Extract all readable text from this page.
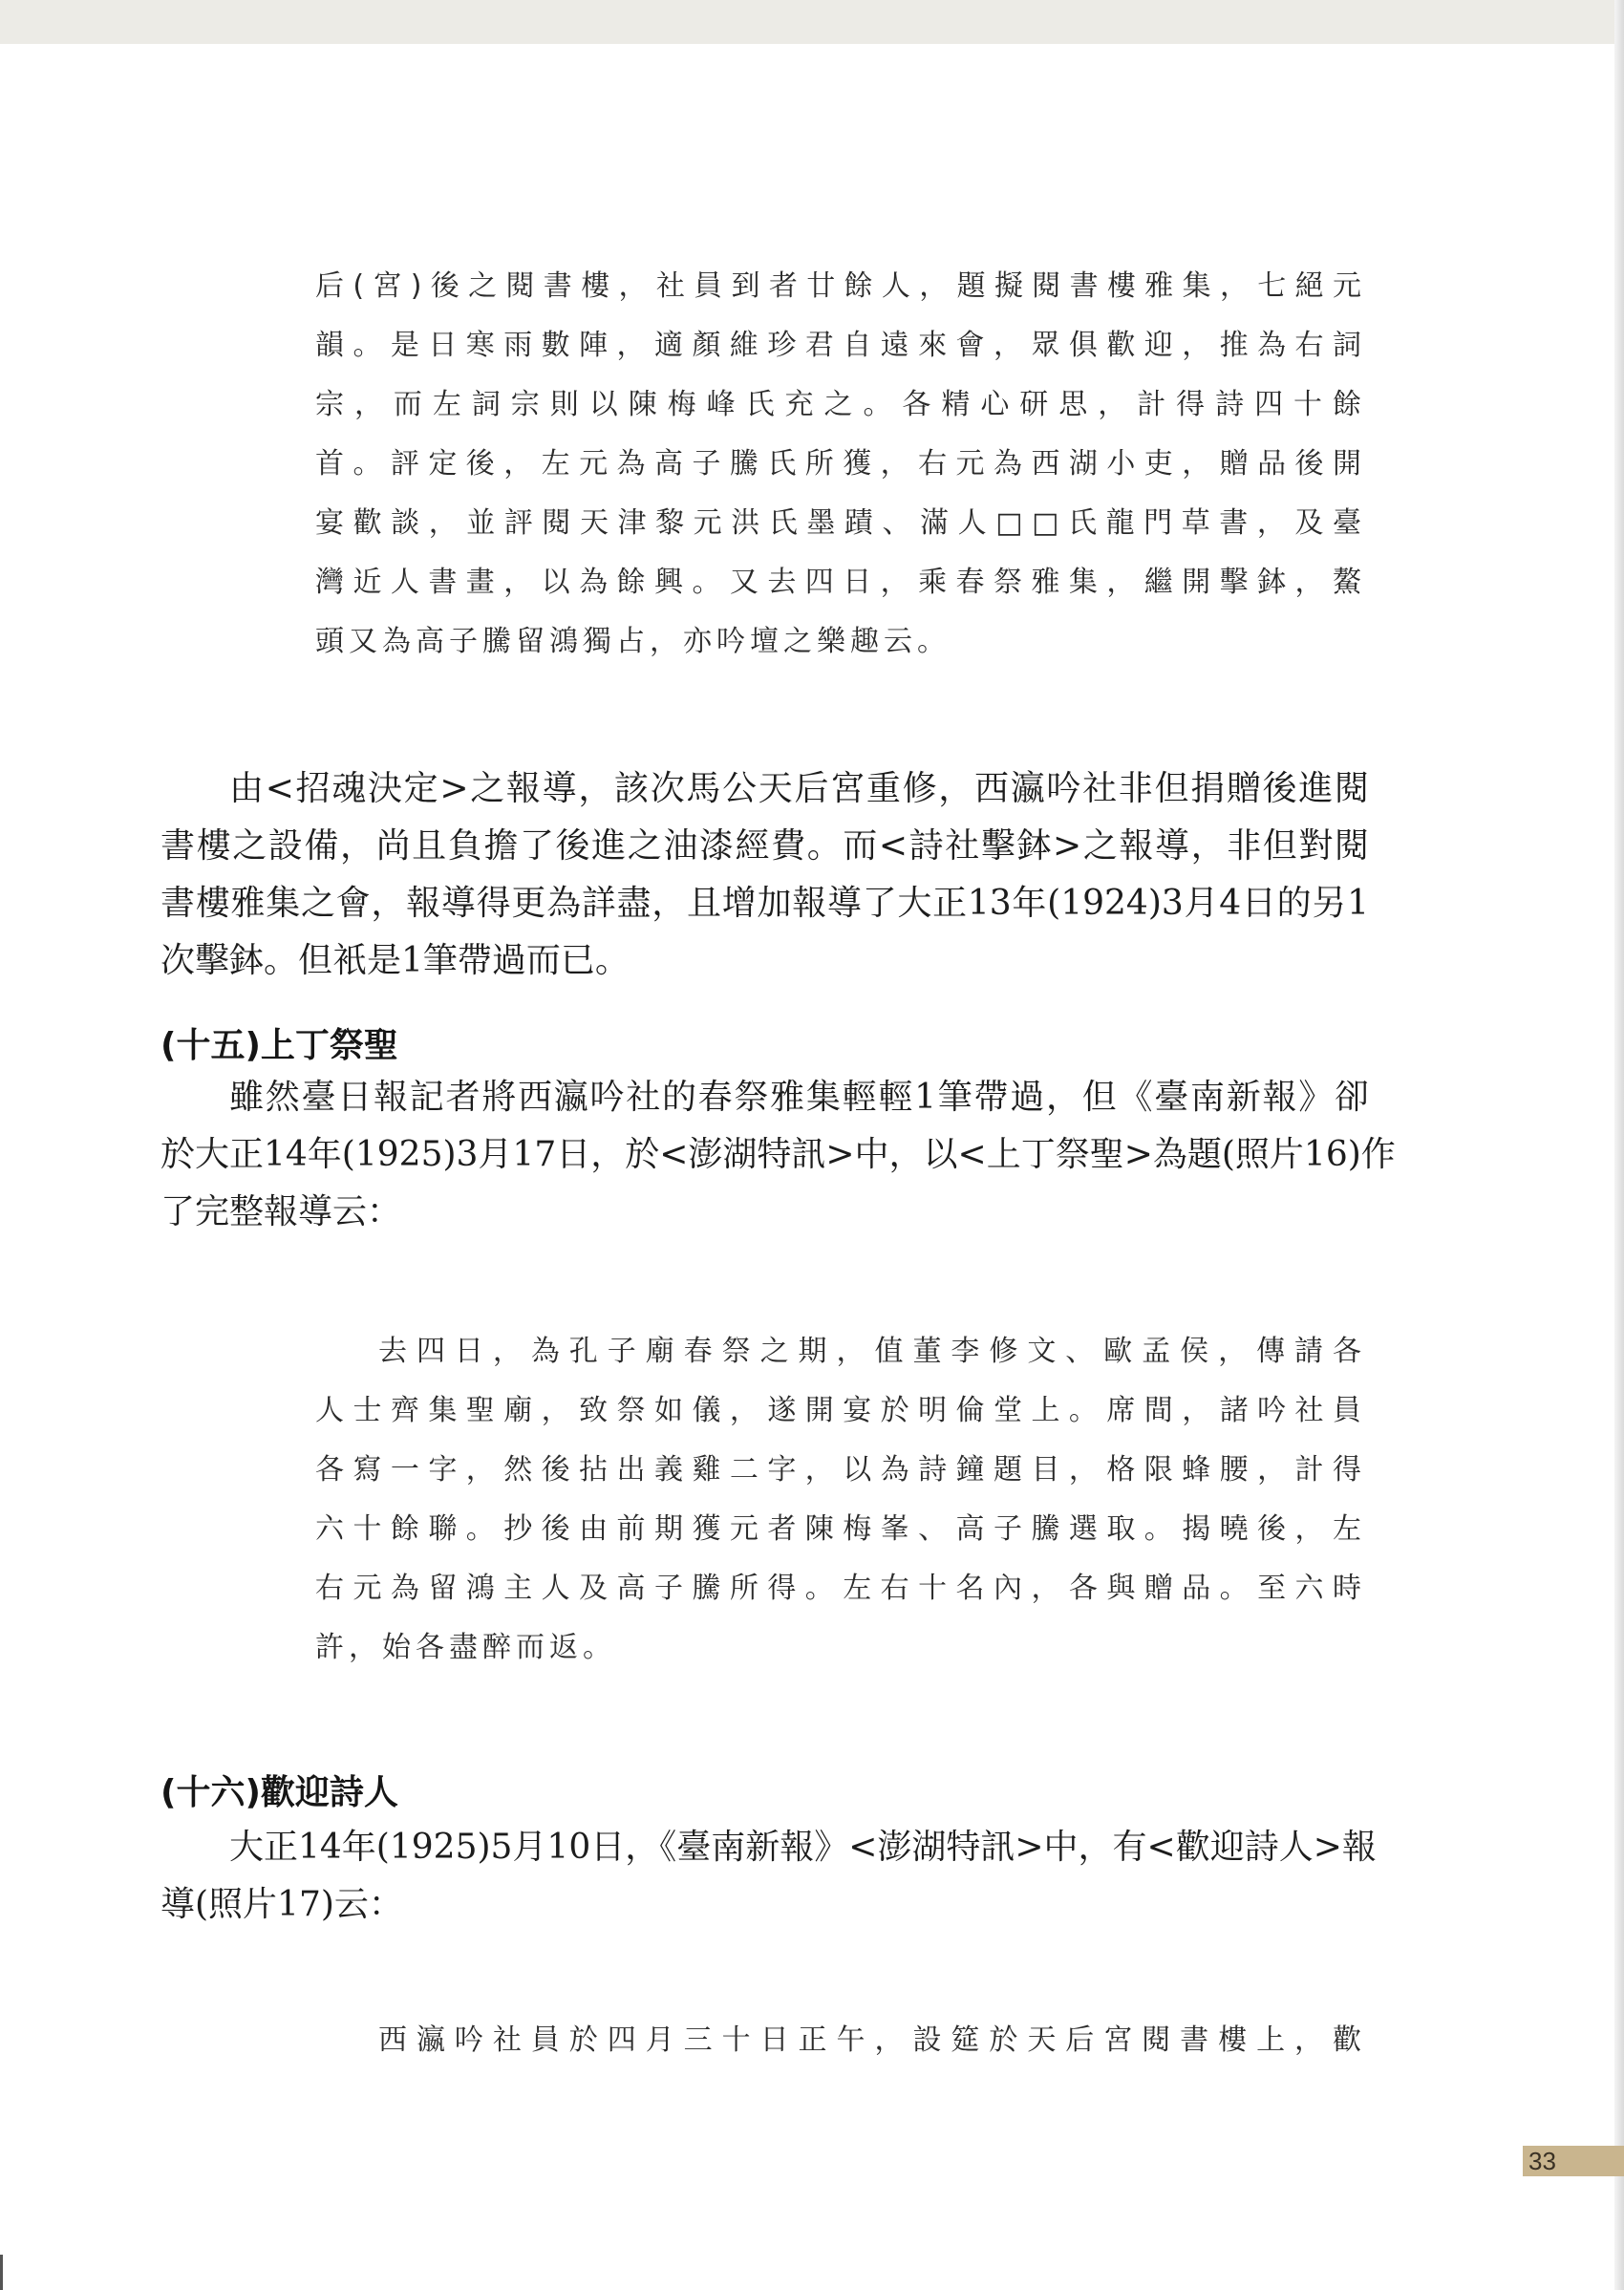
后(宮)後之閱書樓，社員到者廿餘人，題擬閱書樓雅集，七絕元
韻。是日寒雨數陣，適顏維珍君自遠來會，眾俱歡迎，推為右詞
宗，而左詞宗則以陳梅峰氏充之。各精心研思，計得詩四十餘
首。評定後，左元為高子騰氏所獲，右元為西湖小吏，贈品後開
宴歡談，並評閱天津黎元洪氏墨蹟、滿人□□氏龍門草書，及臺
灣近人書畫，以為餘興。又去四日，乘春祭雅集，繼開擊鉢，鰲
頭又為高子騰留鴻獨占，亦吟壇之樂趣云。
由<招魂決定>之報導，該次馬公天后宮重修，西瀛吟社非但捐贈後進閱
書樓之設備，尚且負擔了後進之油漆經費。而<詩社擊鉢>之報導，非但對閱
書樓雅集之會，報導得更為詳盡，且增加報導了大正13年(1924)3月4日的另1
次擊鉢。但衹是1筆帶過而已。
(十五)上丁祭聖
雖然臺日報記者將西瀛吟社的春祭雅集輕輕1筆帶過，但《臺南新報》卻
於大正14年(1925)3月17日，於<澎湖特訊>中，以<上丁祭聖>為題(照片16)作
了完整報導云：
去四日，為孔子廟春祭之期，值董李修文、歐孟侯，傳請各
人士齊集聖廟，致祭如儀，遂開宴於明倫堂上。席間，諸吟社員
各寫一字，然後拈出義雞二字，以為詩鐘題目，格限蜂腰，計得
六十餘聯。抄後由前期獲元者陳梅峯、高子騰選取。揭曉後，左
右元為留鴻主人及高子騰所得。左右十名內，各與贈品。至六時
許，始各盡醉而返。
(十六)歡迎詩人
大正14年(1925)5月10日，《臺南新報》<澎湖特訊>中，有<歡迎詩人>報
導(照片17)云：
西瀛吟社員於四月三十日正午，設筵於天后宮閱書樓上，歡
33
